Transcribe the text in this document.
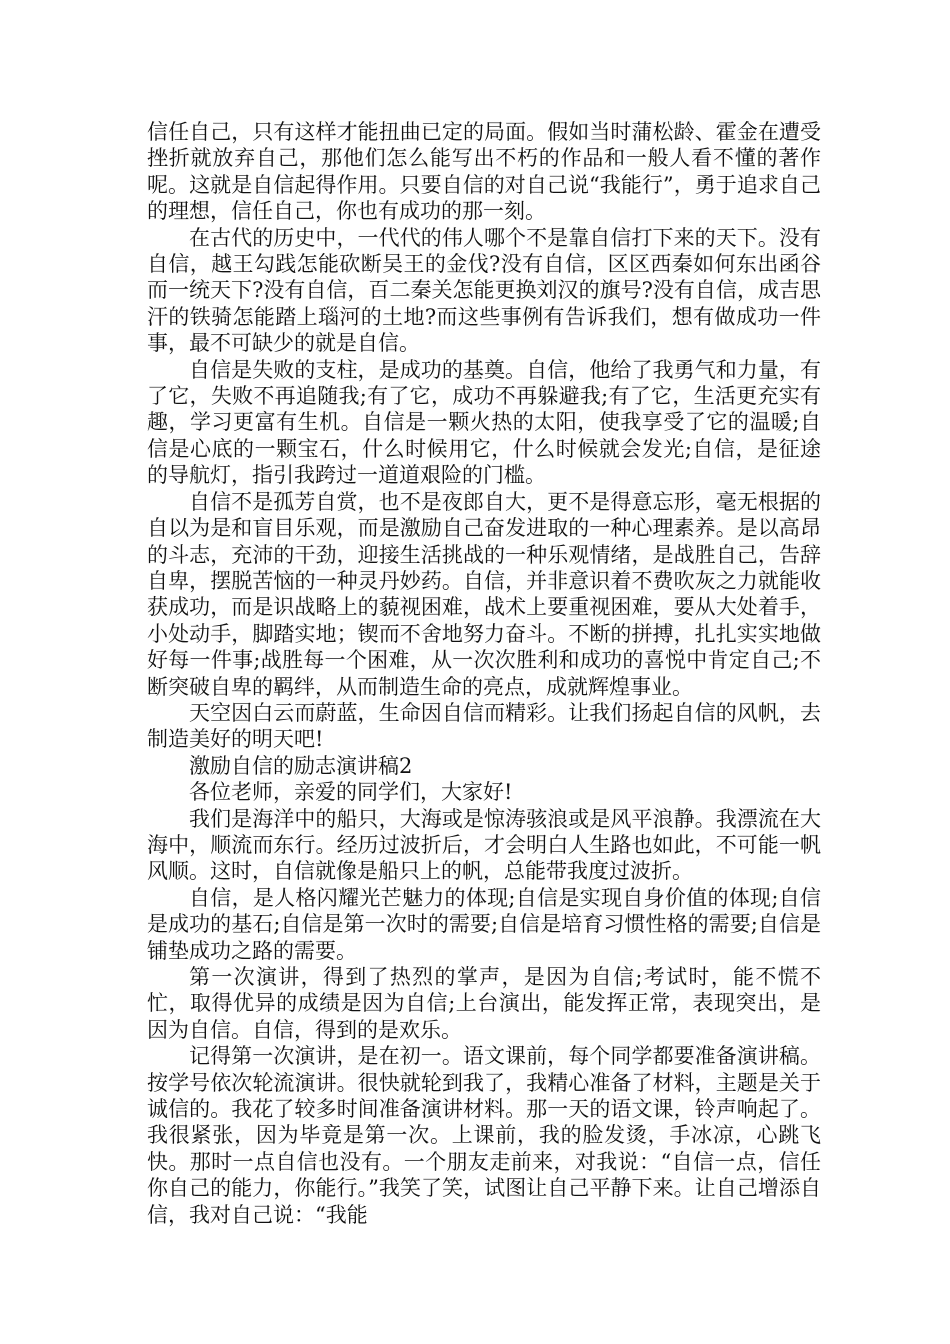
信任自己，只有这样才能扭曲已定的局面。假如当时蒲松龄、霍金在遭受挫折就放弃自己，那他们怎么能写出不朽的作品和一般人看不懂的著作呢。这就是自信起得作用。只要自信的对自己说“我能行”，勇于追求自己的理想，信任自己，你也有成功的那一刻。

在古代的历史中，一代代的伟人哪个不是靠自信打下来的天下。没有自信，越王勾践怎能砍断吴王的金伐?没有自信，区区西秦如何东出函谷而一统天下?没有自信，百二秦关怎能更换刘汉的旗号?没有自信，成吉思汗的铁骑怎能踏上瑙河的土地?而这些事例有告诉我们，想有做成功一件事，最不可缺少的就是自信。

自信是失败的支柱，是成功的基奠。自信，他给了我勇气和力量，有了它，失败不再追随我;有了它，成功不再躲避我;有了它，生活更充实有趣，学习更富有生机。自信是一颗火热的太阳，使我享受了它的温暖;自信是心底的一颗宝石，什么时候用它，什么时候就会发光;自信，是征途的导航灯，指引我跨过一道道艰险的门槛。

自信不是孤芳自赏，也不是夜郎自大，更不是得意忘形，毫无根据的自以为是和盲目乐观，而是激励自己奋发进取的一种心理素养。是以高昂的斗志，充沛的干劲，迎接生活挑战的一种乐观情绪，是战胜自己，告辞自卑，摆脱苦恼的一种灵丹妙药。自信，并非意识着不费吹灰之力就能收获成功，而是识战略上的藐视困难，战术上要重视困难，要从大处着手，小处动手，脚踏实地；锲而不舍地努力奋斗。不断的拼搏，扎扎实实地做好每一件事;战胜每一个困难，从一次次胜利和成功的喜悦中肯定自己;不断突破自卑的羁绊，从而制造生命的亮点，成就辉煌事业。

天空因白云而蔚蓝，生命因自信而精彩。让我们扬起自信的风帆，去制造美好的明天吧!

激励自信的励志演讲稿2

各位老师，亲爱的同学们，大家好!

我们是海洋中的船只，大海或是惊涛骇浪或是风平浪静。我漂流在大海中，顺流而东行。经历过波折后，才会明白人生路也如此，不可能一帆风顺。这时，自信就像是船只上的帆，总能带我度过波折。

自信，是人格闪耀光芒魅力的体现;自信是实现自身价值的体现;自信是成功的基石;自信是第一次时的需要;自信是培育习惯性格的需要;自信是铺垫成功之路的需要。

第一次演讲，得到了热烈的掌声，是因为自信;考试时，能不慌不忙，取得优异的成绩是因为自信;上台演出，能发挥正常，表现突出，是因为自信。自信，得到的是欢乐。

记得第一次演讲，是在初一。语文课前，每个同学都要准备演讲稿。按学号依次轮流演讲。很快就轮到我了，我精心准备了材料，主题是关于诚信的。我花了较多时间准备演讲材料。那一天的语文课，铃声响起了。我很紧张，因为毕竟是第一次。上课前，我的脸发烫，手冰凉，心跳飞快。那时一点自信也没有。一个朋友走前来，对我说：“自信一点，信任你自己的能力，你能行。”我笑了笑，试图让自己平静下来。让自己增添自信，我对自己说：“我能
